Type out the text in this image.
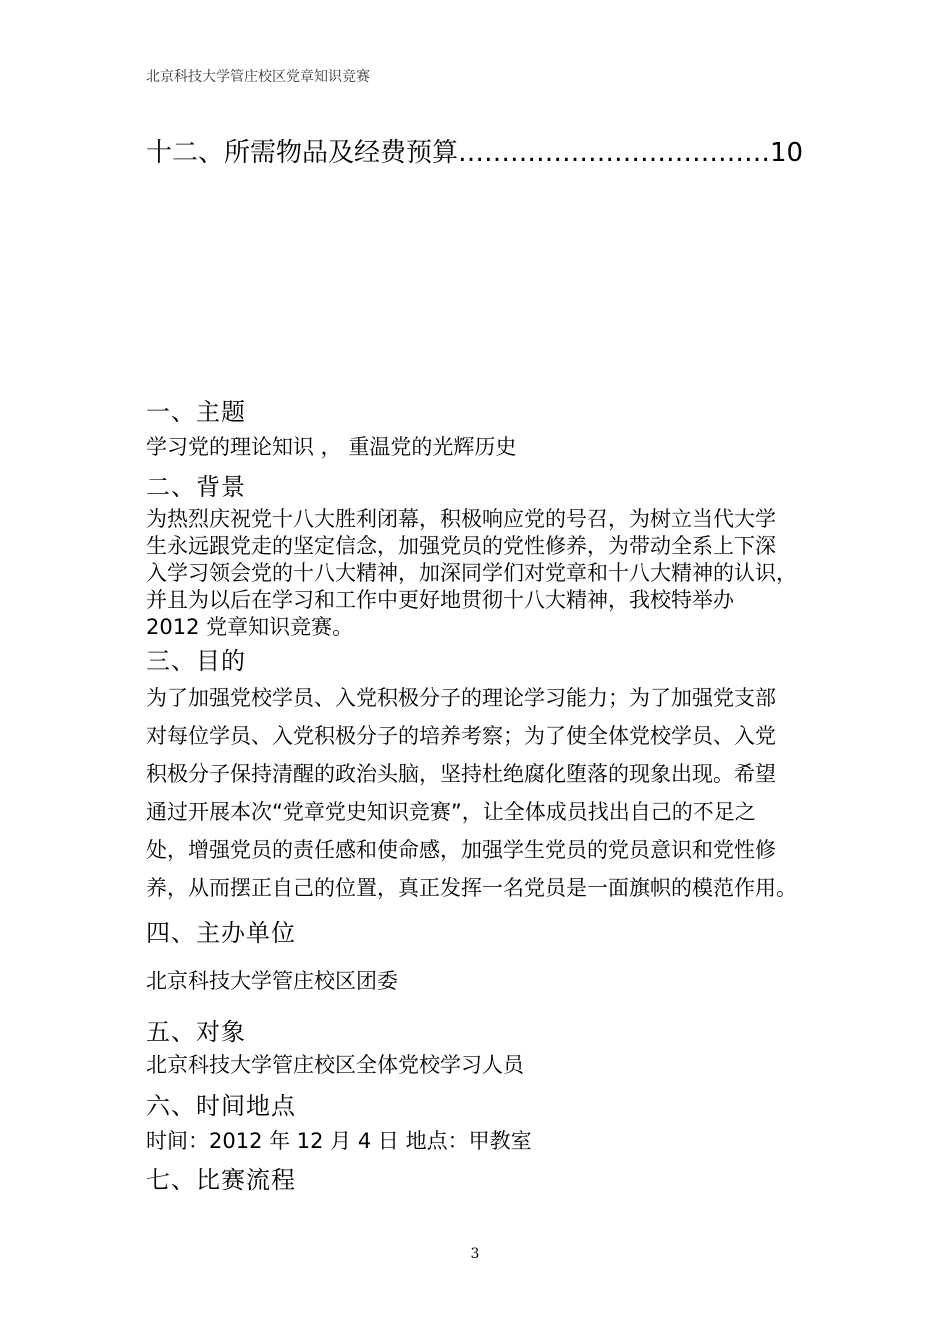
北京科技大学管庄校区党章知识竞赛
十二、所需物品及经费预算………………………………10
一、主题
学习党的理论知识 ， 重温党的光辉历史
二、背景
为热烈庆祝党十八大胜利闭幕，积极响应党的号召，为树立当代大学
生永远跟党走的坚定信念，加强党员的党性修养，为带动全系上下深
入学习领会党的十八大精神，加深同学们对党章和十八大精神的认识，
并且为以后在学习和工作中更好地贯彻十八大精神，我校特举办
2012 党章知识竞赛。
三、目的
为了加强党校学员、入党积极分子的理论学习能力；为了加强党支部
对每位学员、入党积极分子的培养考察；为了使全体党校学员、入党
积极分子保持清醒的政治头脑，坚持杜绝腐化堕落的现象出现。希望
通过开展本次“党章党史知识竞赛”，让全体成员找出自己的不足之
处，增强党员的责任感和使命感，加强学生党员的党员意识和党性修
养，从而摆正自己的位置，真正发挥一名党员是一面旗帜的模范作用。
四、主办单位
北京科技大学管庄校区团委
五、对象
北京科技大学管庄校区全体党校学习人员
六、时间地点
时间：2012 年 12 月 4 日 地点：甲教室
七、比赛流程
3
